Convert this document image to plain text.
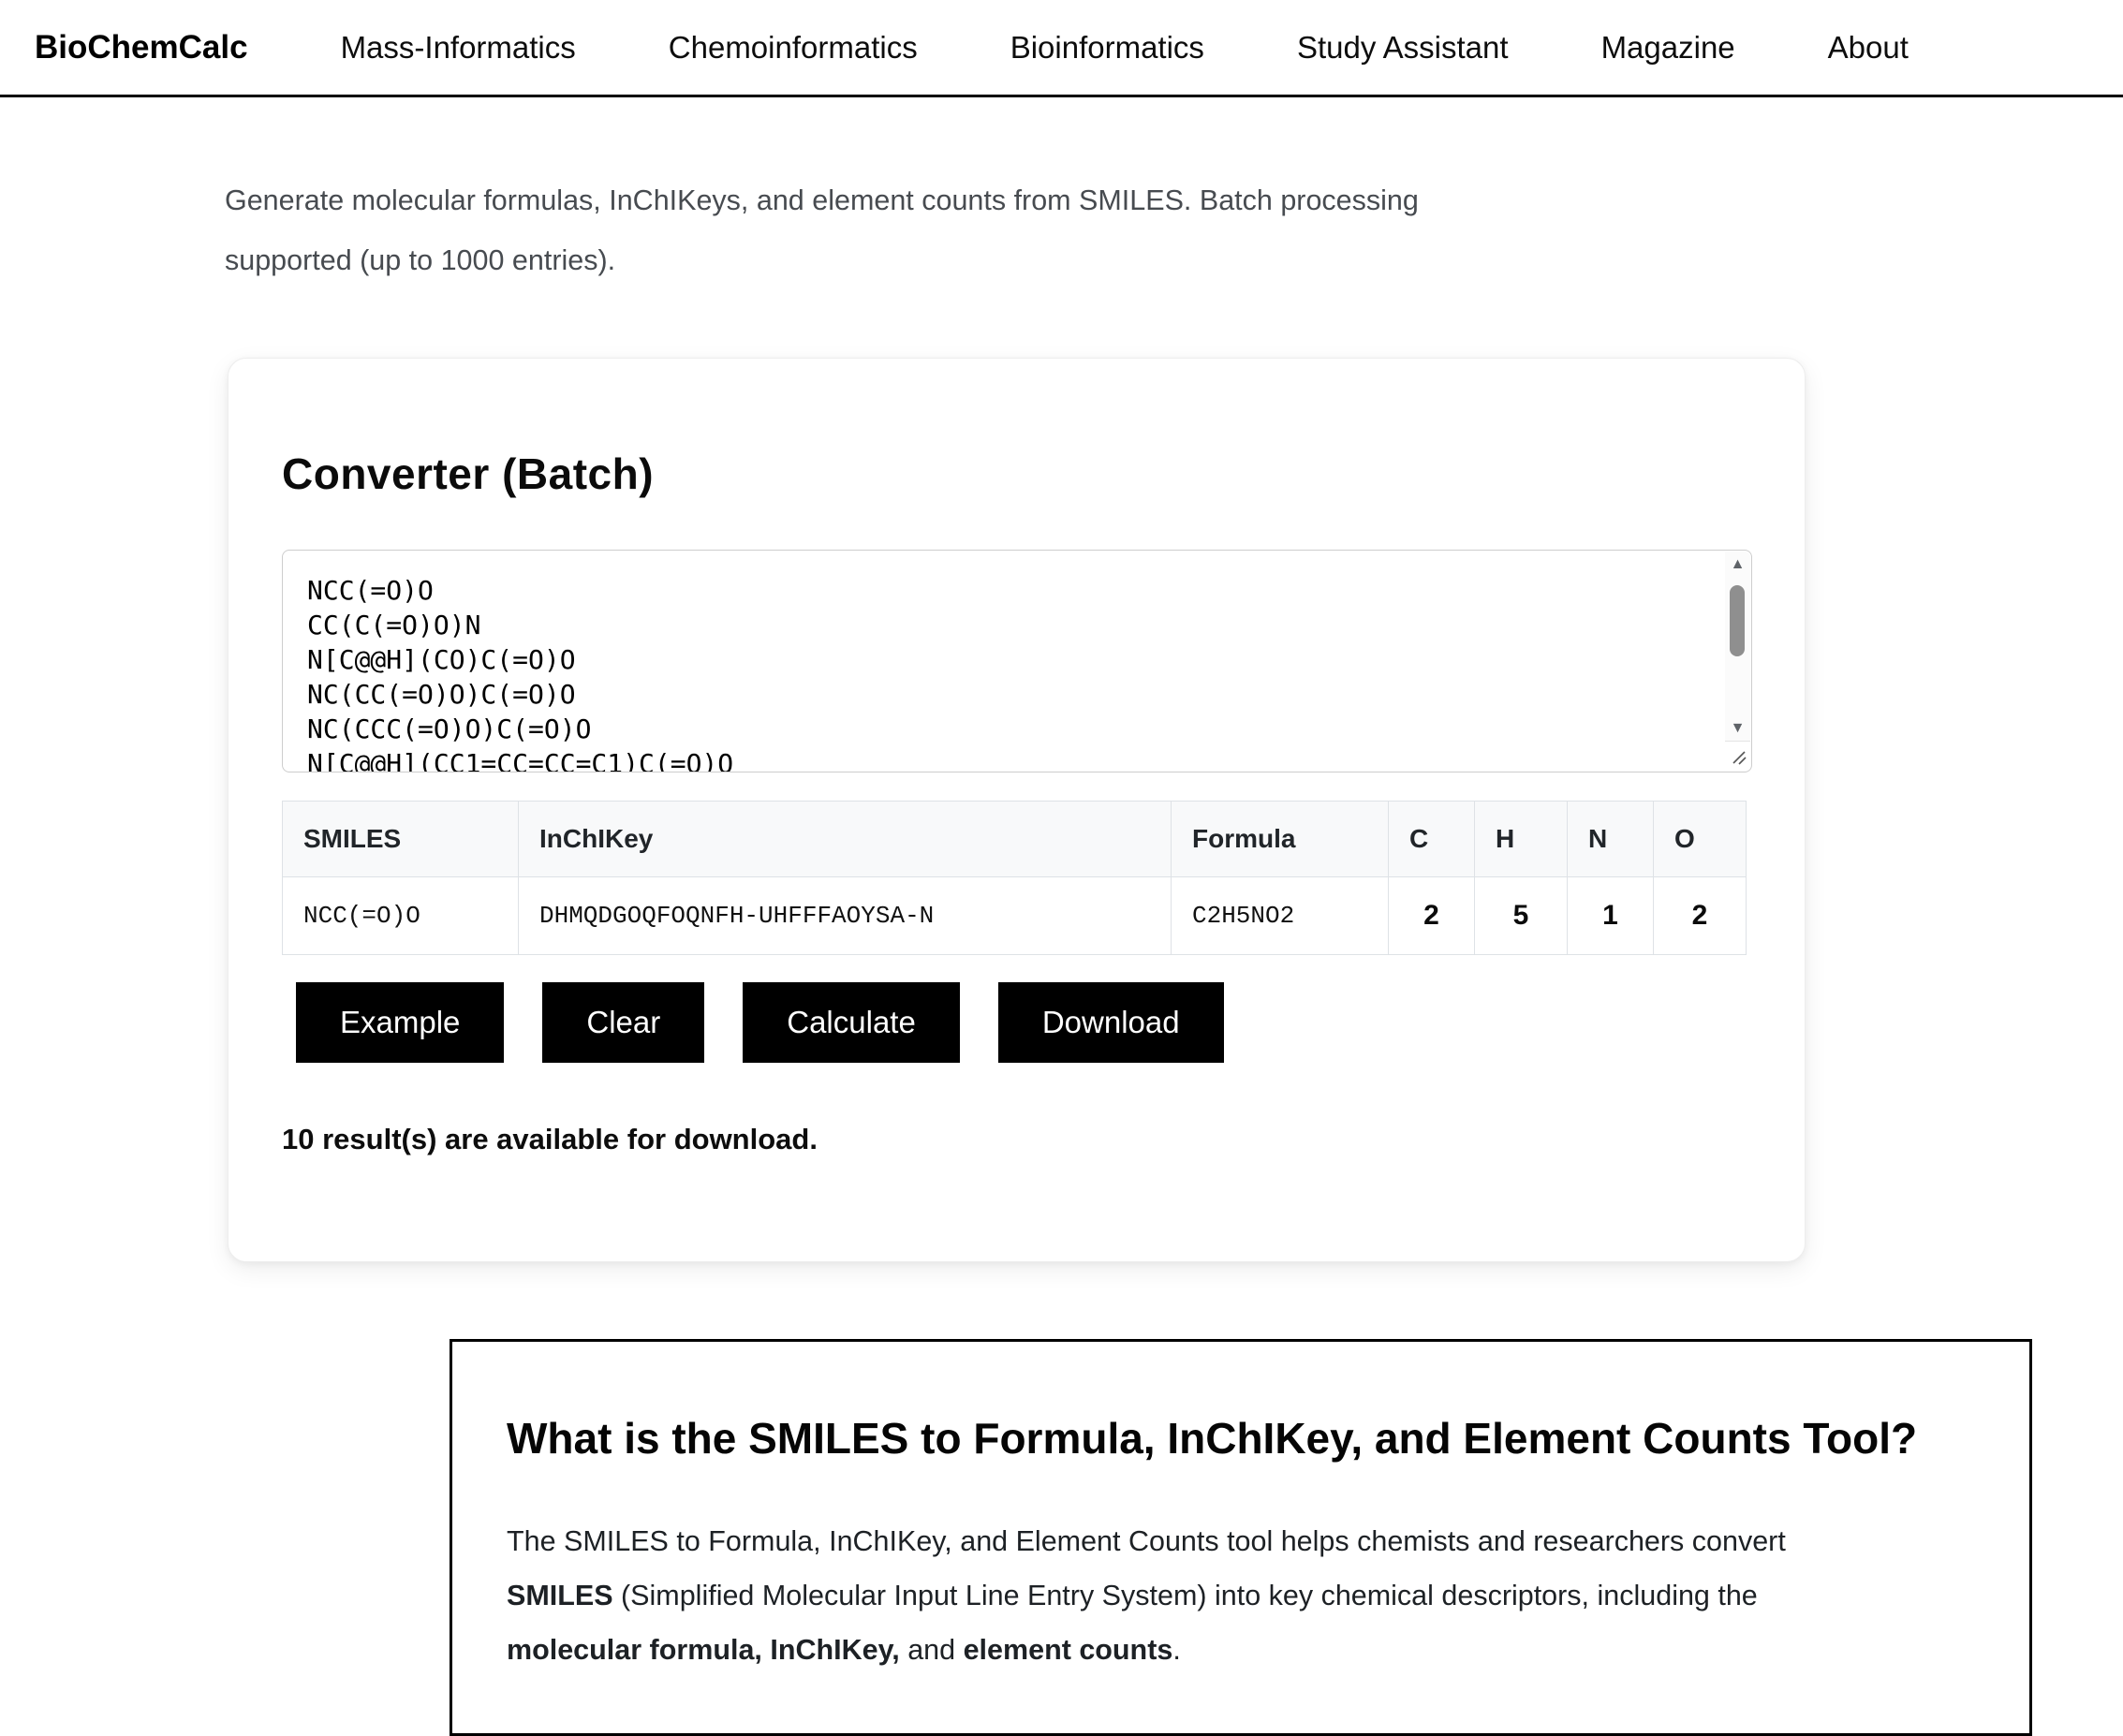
BioChemCalc	Mass-Informatics	Chemoinformatics	Bioinformatics	Study Assistant	Magazine	About

Generate molecular formulas, InChIKeys, and element counts from SMILES. Batch processing supported (up to 1000 entries).

Converter (Batch)
NCC(=O)O CC(C(=O)O)N N[C@@H](CO)C(=O)O NC(CC(=O)O)C(=O)O NC(CCC(=O)O)C(=O)O N[C@@H](CC1=CC=CC=C1)C(=O)O
▲
▼
SMILES	InChIKey	Formula	C	H	N	O
NCC(=O)O	DHMQDGOQFOQNFH-UHFFFAOYSA-N	C2H5NO2	2	5	1	2
Example	Clear	Calculate	Download

10 result(s) are available for download.

What is the SMILES to Formula, InChIKey, and Element Counts Tool?

The SMILES to Formula, InChIKey, and Element Counts tool helps chemists and researchers convert SMILES (Simplified Molecular Input Line Entry System) into key chemical descriptors, including the molecular formula, InChIKey, and element counts.
